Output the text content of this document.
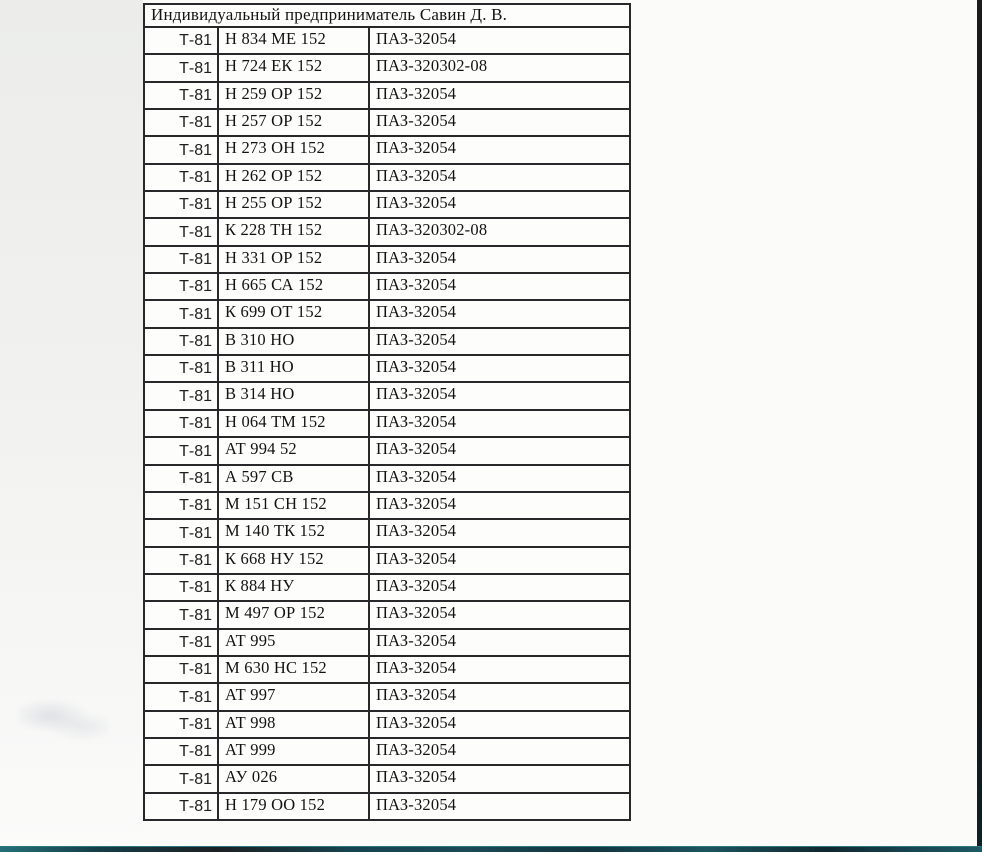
Индивидуальный предприниматель Савин Д. В.		
Т-81	Н 834 МЕ 152	ПАЗ-32054
Т-81	Н 724 ЕК 152	ПАЗ-320302-08
Т-81	Н 259 ОР 152	ПАЗ-32054
Т-81	Н 257 ОР 152	ПАЗ-32054
Т-81	Н 273 ОН 152	ПАЗ-32054
Т-81	Н 262 ОР 152	ПАЗ-32054
Т-81	Н 255 ОР 152	ПАЗ-32054
Т-81	К 228 ТН 152	ПАЗ-320302-08
Т-81	Н 331 ОР 152	ПАЗ-32054
Т-81	Н 665 СА 152	ПАЗ-32054
Т-81	К 699 ОТ 152	ПАЗ-32054
Т-81	В 310 НО	ПАЗ-32054
Т-81	В 311 НО	ПАЗ-32054
Т-81	В 314 НО	ПАЗ-32054
Т-81	Н 064 ТМ 152	ПАЗ-32054
Т-81	АТ 994 52	ПАЗ-32054
Т-81	А 597 СВ	ПАЗ-32054
Т-81	М 151 СН 152	ПАЗ-32054
Т-81	М 140 ТК 152	ПАЗ-32054
Т-81	К 668 НУ 152	ПАЗ-32054
Т-81	К 884 НУ	ПАЗ-32054
Т-81	М 497 ОР 152	ПАЗ-32054
Т-81	АТ 995	ПАЗ-32054
Т-81	М 630 НС 152	ПАЗ-32054
Т-81	АТ 997	ПАЗ-32054
Т-81	АТ 998	ПАЗ-32054
Т-81	АТ 999	ПАЗ-32054
Т-81	АУ 026	ПАЗ-32054
Т-81	Н 179 ОО 152	ПАЗ-32054
